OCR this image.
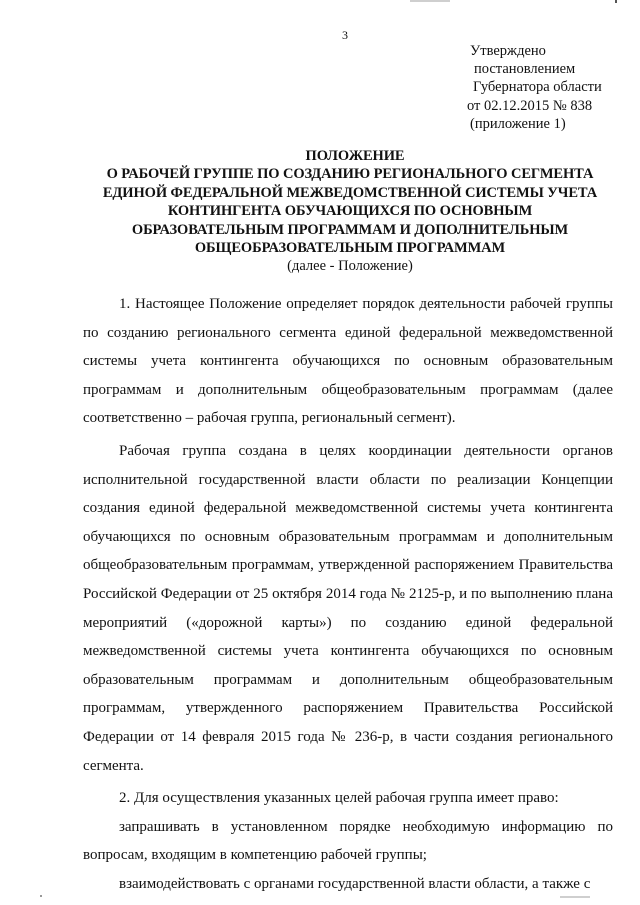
3
Утверждено
постановлением
Губернатора области
от 02.12.2015 № 838
(приложение 1)
ПОЛОЖЕНИЕ
О РАБОЧЕЙ ГРУППЕ ПО СОЗДАНИЮ РЕГИОНАЛЬНОГО СЕГМЕНТА
ЕДИНОЙ ФЕДЕРАЛЬНОЙ МЕЖВЕДОМСТВЕННОЙ СИСТЕМЫ УЧЕТА
КОНТИНГЕНТА ОБУЧАЮЩИХСЯ ПО ОСНОВНЫМ
ОБРАЗОВАТЕЛЬНЫМ ПРОГРАММАМ И ДОПОЛНИТЕЛЬНЫМ
ОБЩЕОБРАЗОВАТЕЛЬНЫМ ПРОГРАММАМ
(далее - Положение)

1. Настоящее Положение определяет порядок деятельности рабочей группы по созданию регионального сегмента единой федеральной межведомственной системы учета контингента обучающихся по основным образовательным программам и дополнительным общеобразовательным программам (далее соответственно – рабочая группа, региональный сегмент).

Рабочая группа создана в целях координации деятельности органов исполнительной государственной власти области по реализации Концепции создания единой федеральной межведомственной системы учета контингента обучающихся по основным образовательным программам и дополнительным общеобразовательным программам, утвержденной распоряжением Правительства Российской Федерации от 25 октября 2014 года № 2125-р, и по выполнению плана мероприятий («дорожной карты») по созданию единой федеральной межведомственной системы учета контингента обучающихся по основным образовательным программам и дополнительным общеобразовательным программам, утвержденного распоряжением Правительства Российской Федерации от 14 февраля 2015 года № 236-р, в части создания регионального сегмента.

2. Для осуществления указанных целей рабочая группа имеет право:

запрашивать в установленном порядке необходимую информацию по вопросам, входящим в компетенцию рабочей группы;

взаимодействовать с органами государственной власти области, а также с
